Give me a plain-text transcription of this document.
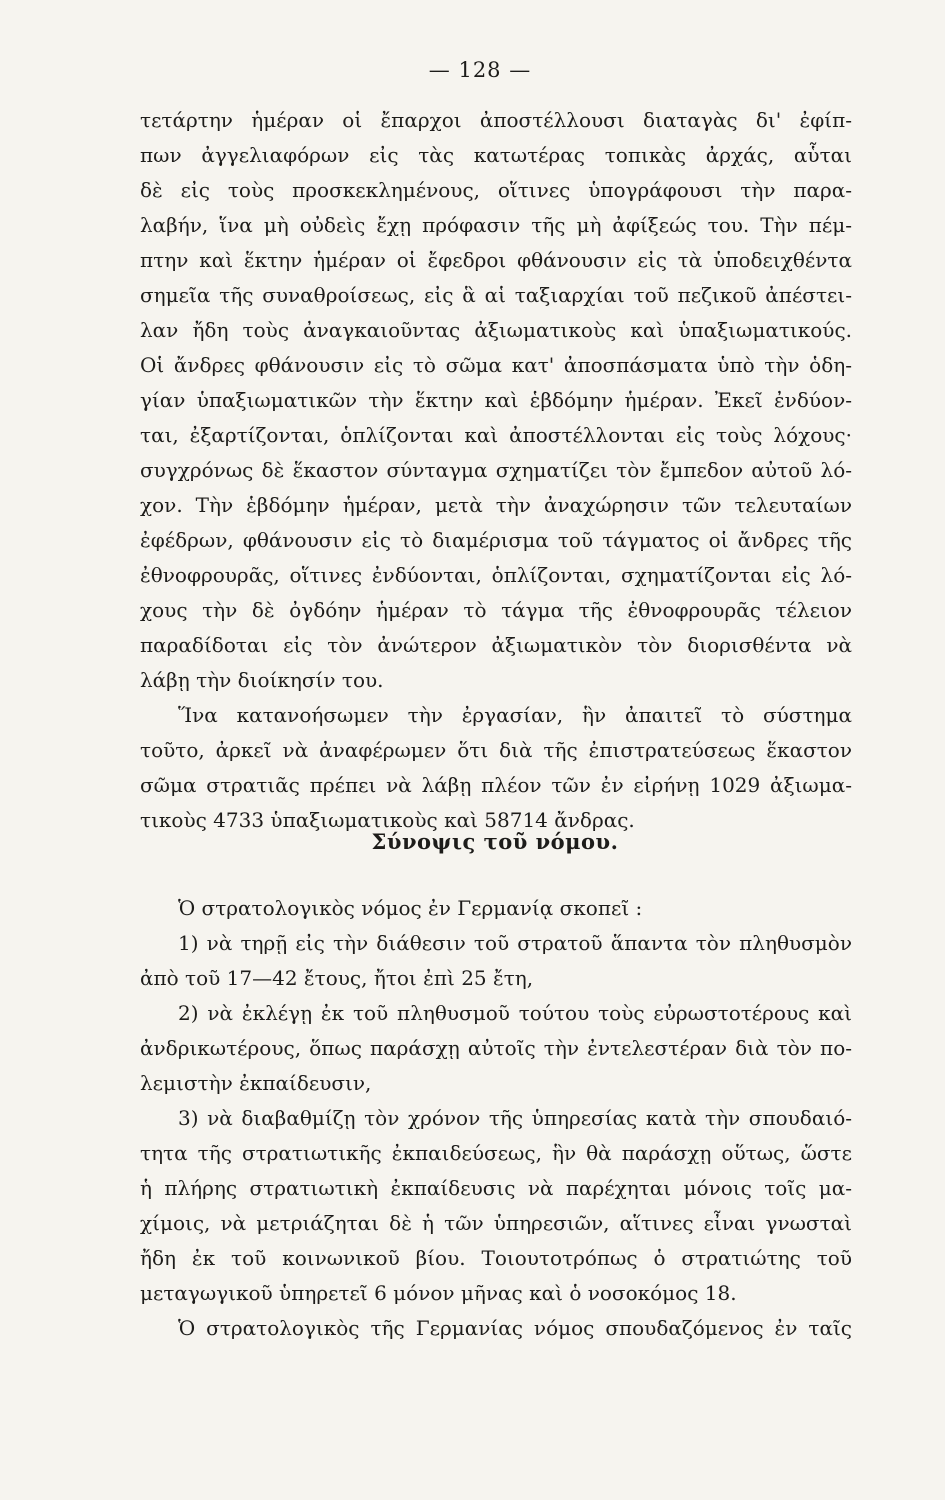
— 128 —
τετάρτην ἡμέραν οἱ ἔπαρχοι ἀποστέλλουσι διαταγὰς δι' ἐφίπ-
πων ἀγγελιαφόρων εἰς τὰς κατωτέρας τοπικὰς ἀρχάς, αὗται
δὲ εἰς τοὺς προσκεκλημένους, οἵτινες ὑπογράφουσι τὴν παρα-
λαβήν, ἵνα μὴ οὐδεὶς ἔχῃ πρόφασιν τῆς μὴ ἀφίξεώς του. Τὴν πέμ-
πτην καὶ ἕκτην ἡμέραν οἱ ἔφεδροι φθάνουσιν εἰς τὰ ὑποδειχθέντα
σημεῖα τῆς συναθροίσεως, εἰς ἃ αἱ ταξιαρχίαι τοῦ πεζικοῦ ἀπέστει-
λαν ἤδη τοὺς ἀναγκαιοῦντας ἀξιωματικοὺς καὶ ὑπαξιωματικούς.
Οἱ ἄνδρες φθάνουσιν εἰς τὸ σῶμα κατ' ἀποσπάσματα ὑπὸ τὴν ὁδη-
γίαν ὑπαξιωματικῶν τὴν ἕκτην καὶ ἑβδόμην ἡμέραν. Ἐκεῖ ἐνδύον-
ται, ἐξαρτίζονται, ὁπλίζονται καὶ ἀποστέλλονται εἰς τοὺς λόχους·
συγχρόνως δὲ ἕκαστον σύνταγμα σχηματίζει τὸν ἔμπεδον αὐτοῦ λό-
χον. Τὴν ἑβδόμην ἡμέραν, μετὰ τὴν ἀναχώρησιν τῶν τελευταίων
ἐφέδρων, φθάνουσιν εἰς τὸ διαμέρισμα τοῦ τάγματος οἱ ἄνδρες τῆς
ἐθνοφρουρᾶς, οἵτινες ἐνδύονται, ὁπλίζονται, σχηματίζονται εἰς λό-
χους τὴν δὲ ὀγδόην ἡμέραν τὸ τάγμα τῆς ἐθνοφρουρᾶς τέλειον
παραδίδοται εἰς τὸν ἀνώτερον ἀξιωματικὸν τὸν διορισθέντα νὰ
λάβῃ τὴν διοίκησίν του.
Ἵνα κατανοήσωμεν τὴν ἐργασίαν, ἣν ἀπαιτεῖ τὸ σύστημα
τοῦτο, ἀρκεῖ νὰ ἀναφέρωμεν ὅτι διὰ τῆς ἐπιστρατεύσεως ἕκαστον
σῶμα στρατιᾶς πρέπει νὰ λάβῃ πλέον τῶν ἐν εἰρήνῃ 1029 ἀξιωμα-
τικοὺς 4733 ὑπαξιωματικοὺς καὶ 58714 ἄνδρας.
Σύνοψις τοῦ νόμου.
Ὁ στρατολογικὸς νόμος ἐν Γερμανίᾳ σκοπεῖ :
1) νὰ τηρῇ εἰς τὴν διάθεσιν τοῦ στρατοῦ ἅπαντα τὸν πληθυσμὸν
ἀπὸ τοῦ 17—42 ἔτους, ἤτοι ἐπὶ 25 ἔτη,
2) νὰ ἐκλέγῃ ἐκ τοῦ πληθυσμοῦ τούτου τοὺς εὐρωστοτέρους καὶ
ἀνδρικωτέρους, ὅπως παράσχῃ αὐτοῖς τὴν ἐντελεστέραν διὰ τὸν πο-
λεμιστὴν ἐκπαίδευσιν,
3) νὰ διαβαθμίζῃ τὸν χρόνον τῆς ὑπηρεσίας κατὰ τὴν σπουδαιό-
τητα τῆς στρατιωτικῆς ἐκπαιδεύσεως, ἣν θὰ παράσχῃ οὕτως, ὥστε
ἡ πλήρης στρατιωτικὴ ἐκπαίδευσις νὰ παρέχηται μόνοις τοῖς μα-
χίμοις, νὰ μετριάζηται δὲ ἡ τῶν ὑπηρεσιῶν, αἵτινες εἶναι γνωσταὶ
ἤδη ἐκ τοῦ κοινωνικοῦ βίου. Τοιουτοτρόπως ὁ στρατιώτης τοῦ
μεταγωγικοῦ ὑπηρετεῖ 6 μόνον μῆνας καὶ ὁ νοσοκόμος 18.
Ὁ στρατολογικὸς τῆς Γερμανίας νόμος σπουδαζόμενος ἐν ταῖς
